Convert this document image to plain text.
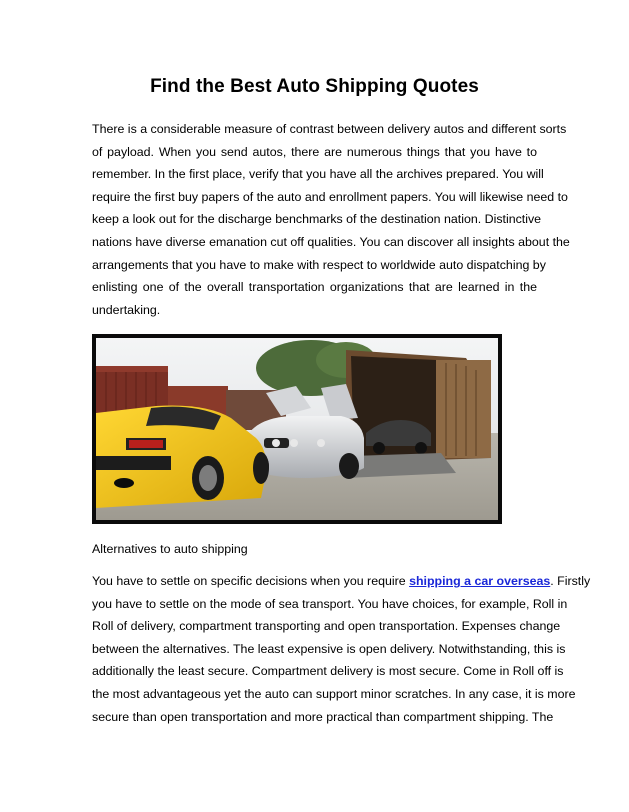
Find the Best Auto Shipping Quotes
There is a considerable measure of contrast between delivery autos and different sorts
of payload. When you send autos, there are numerous things that you have to
remember. In the first place, verify that you have all the archives prepared. You will
require the first buy papers of the auto and enrollment papers. You will likewise need to
keep a look out for the discharge benchmarks of the destination nation. Distinctive
nations have diverse emanation cut off qualities. You can discover all insights about the
arrangements that you have to make with respect to worldwide auto dispatching by
enlisting one of the overall transportation organizations that are learned in the
undertaking.
Alternatives to auto shipping
You have to settle on specific decisions when you require shipping a car overseas. Firstly
you have to settle on the mode of sea transport. You have choices, for example, Roll in
Roll of delivery, compartment transporting and open transportation. Expenses change
between the alternatives. The least expensive is open delivery. Notwithstanding, this is
additionally the least secure. Compartment delivery is most secure. Come in Roll off is
the most advantageous yet the auto can support minor scratches. In any case, it is more
secure than open transportation and more practical than compartment shipping. The
